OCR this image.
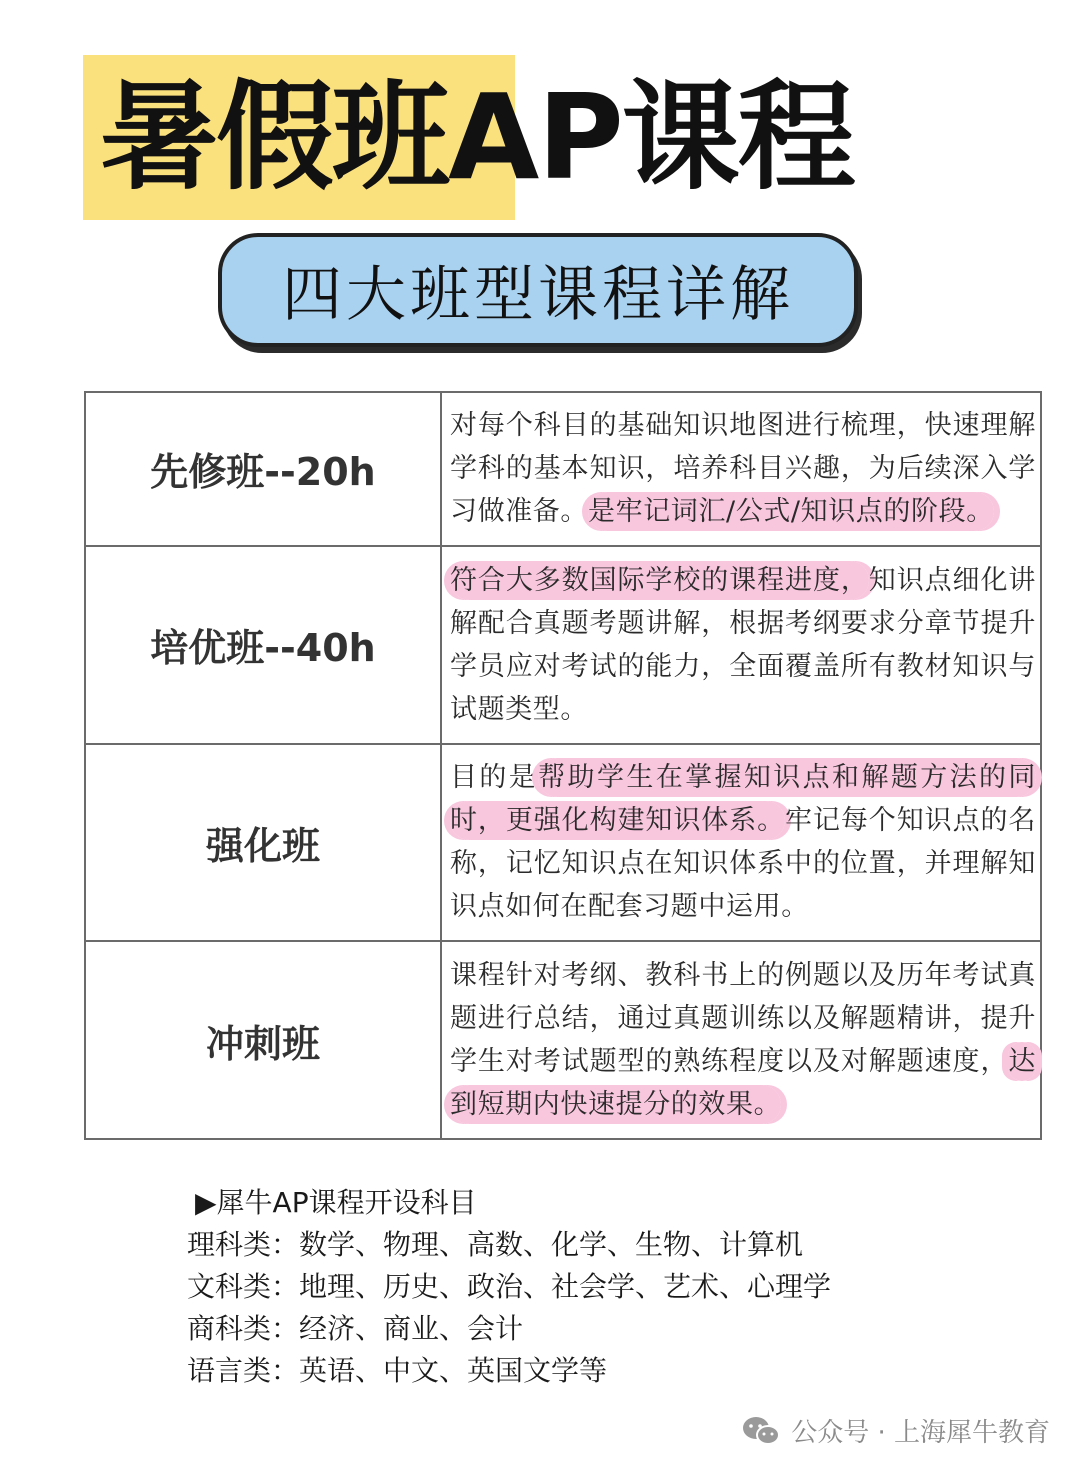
暑假班AP课程
四大班型课程详解
先修班--20h	对每个科目的基础知识地图进行梳理，快速理解学科的基本知识，培养科目兴趣，为后续深入学习做准备。是牢记词汇/公式/知识点的阶段。
培优班--40h	符合大多数国际学校的课程进度，知识点细化讲解配合真题考题讲解，根据考纲要求分章节提升学员应对考试的能力，全面覆盖所有教材知识与试题类型。
强化班	目的是帮助学生在掌握知识点和解题方法的同时，更强化构建知识体系。牢记每个知识点的名称，记忆知识点在知识体系中的位置，并理解知识点如何在配套习题中运用。
冲刺班	课程针对考纲、教科书上的例题以及历年考试真题进行总结，通过真题训练以及解题精讲，提升学生对考试题型的熟练程度以及对解题速度，达到短期内快速提分的效果。
▶犀牛AP课程开设科目
理科类：数学、物理、高数、化学、生物、计算机
文科类：地理、历史、政治、社会学、艺术、心理学
商科类：经济、商业、会计
语言类：英语、中文、英国文学等
公众号 · 上海犀牛教育
